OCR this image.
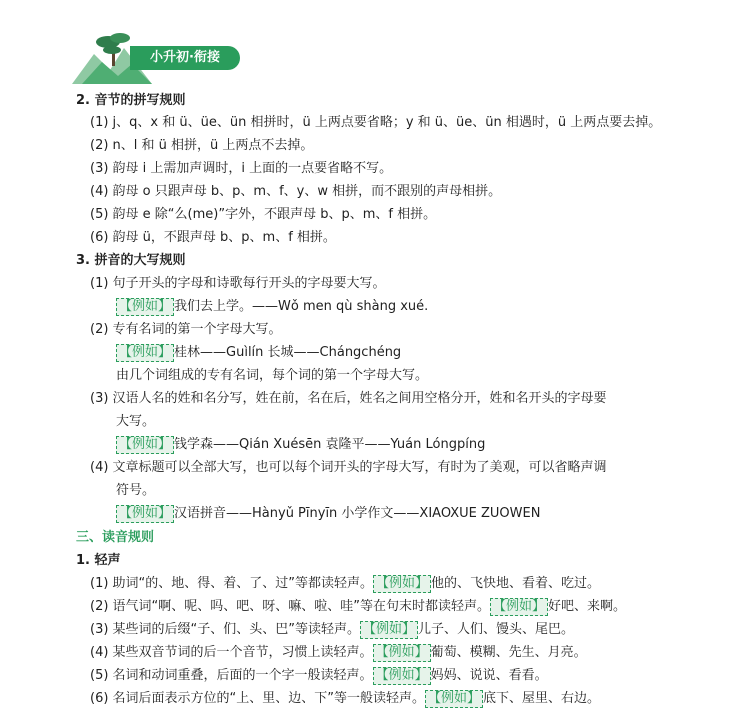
小升初·衔接
2. 音节的拼写规则
(1) j、q、x 和 ü、üe、ün 相拼时，ü 上两点要省略；y 和 ü、üe、ün 相遇时，ü 上两点要去掉。
(2) n、l 和 ü 相拼，ü 上两点不去掉。
(3) 韵母 i 上需加声调时，i 上面的一点要省略不写。
(4) 韵母 o 只跟声母 b、p、m、f、y、w 相拼，而不跟别的声母相拼。
(5) 韵母 e 除“么(me)”字外，不跟声母 b、p、m、f 相拼。
(6) 韵母 ü，不跟声母 b、p、m、f 相拼。
3. 拼音的大写规则
(1) 句子开头的字母和诗歌每行开头的字母要大写。
【例如】 我们去上学。——Wǒ men qù shàng xué.
(2) 专有名词的第一个字母大写。
【例如】 桂林——Guìlín 长城——Chángchéng
由几个词组成的专有名词，每个词的第一个字母大写。
(3) 汉语人名的姓和名分写，姓在前，名在后，姓名之间用空格分开，姓和名开头的字母要
大写。
【例如】 钱学森——Qián Xuésēn 袁隆平——Yuán Lóngpíng
(4) 文章标题可以全部大写，也可以每个词开头的字母大写，有时为了美观，可以省略声调
符号。
【例如】 汉语拼音——Hànyǔ Pīnyīn 小学作文——XIAOXUE ZUOWEN
三、读音规则
1. 轻声
(1) 助词“的、地、得、着、了、过”等都读轻声。 【例如】 他的、飞快地、看着、吃过。
(2) 语气词“啊、呢、吗、吧、呀、嘛、啦、哇”等在句末时都读轻声。 【例如】 好吧、来啊。
(3) 某些词的后缀“子、们、头、巴”等读轻声。 【例如】 儿子、人们、馒头、尾巴。
(4) 某些双音节词的后一个音节，习惯上读轻声。 【例如】 葡萄、模糊、先生、月亮。
(5) 名词和动词重叠，后面的一个字一般读轻声。 【例如】 妈妈、说说、看看。
(6) 名词后面表示方位的“上、里、边、下”等一般读轻声。 【例如】 底下、屋里、右边。
